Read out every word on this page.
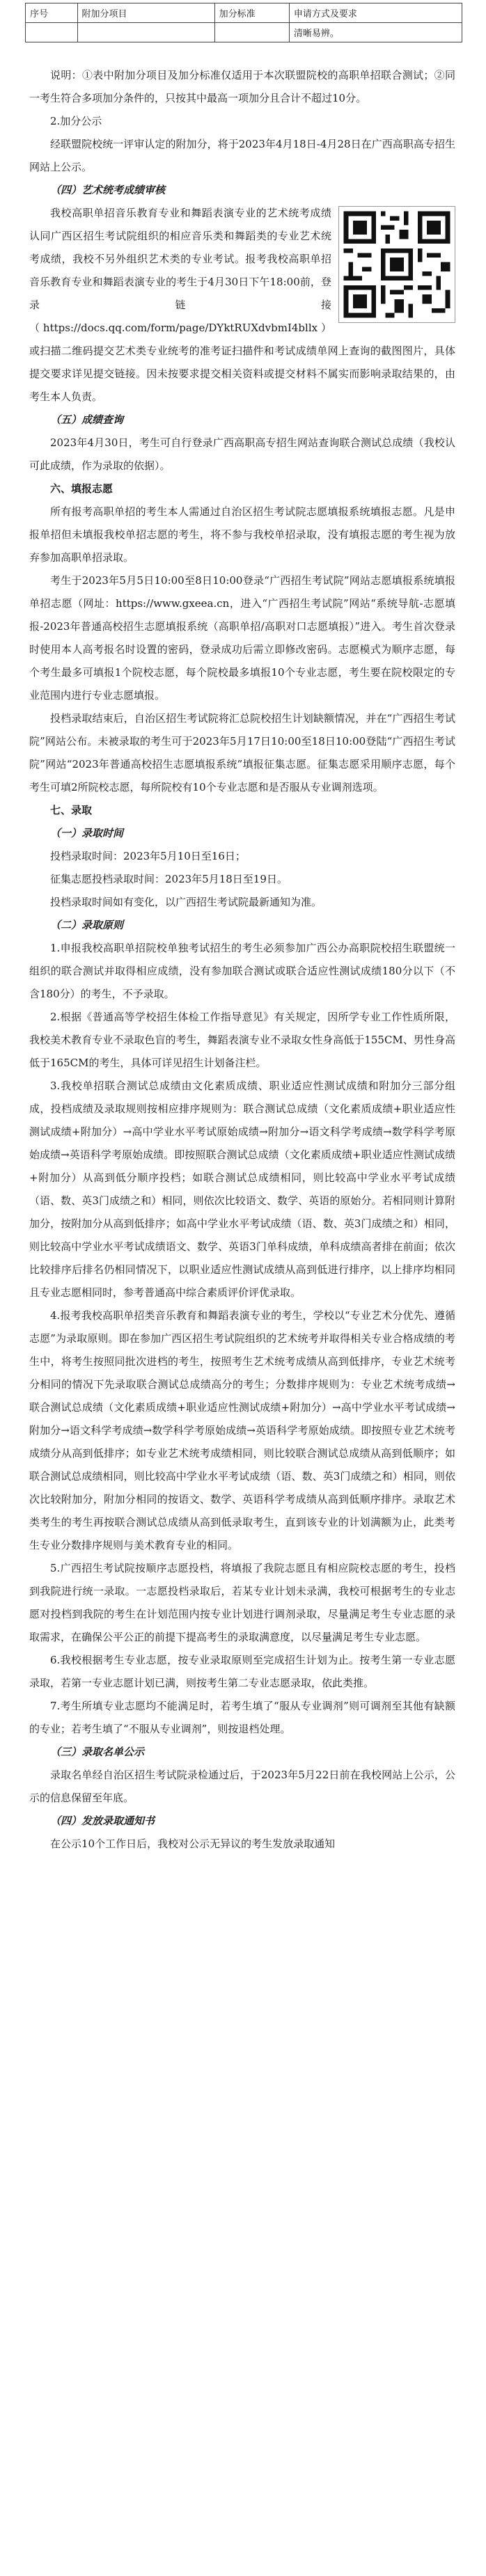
序号	附加分项目	加分标准	申请方式及要求
			清晰易辨。

说明：①表中附加分项目及加分标准仅适用于本次联盟院校的高职单招联合测试；②同一考生符合多项加分条件的，只按其中最高一项加分且合计不超过10分。

2.加分公示

经联盟院校统一评审认定的附加分，将于2023年4月18日-4月28日在广西高职高专招生网站上公示。

（四）艺术统考成绩审核

我校高职单招音乐教育专业和舞蹈表演专业的艺术统考成绩认同广西区招生考试院组织的相应音乐类和舞蹈类的专业艺术统考成绩，我校不另外组织艺术类的专业考试。报考我校高职单招音乐教育专业和舞蹈表演专业的考生于4月30日下午18:00前，登录链接（https://docs.qq.com/form/page/DYktRUXdvbmI4bllx）或扫描二维码提交艺术类专业统考的准考证扫描件和考试成绩单网上查询的截图图片，具体提交要求详见提交链接。因未按要求提交相关资料或提交材料不属实而影响录取结果的，由考生本人负责。

（五）成绩查询

2023年4月30日，考生可自行登录广西高职高专招生网站查询联合测试总成绩（我校认可此成绩，作为录取的依据）。

六、填报志愿

所有报考高职单招的考生本人需通过自治区招生考试院志愿填报系统填报志愿。凡是申报单招但未填报我校单招志愿的考生，将不参与我校单招录取，没有填报志愿的考生视为放弃参加高职单招录取。

考生于2023年5月5日10:00至8日10:00登录“广西招生考试院”网站志愿填报系统填报单招志愿（网址：https://www.gxeea.cn，进入“广西招生考试院”网站“系统导航-志愿填报-2023年普通高校招生志愿填报系统（高职单招/高职对口志愿填报）”进入。考生首次登录时使用本人高考报名时设置的密码，登录成功后需立即修改密码。志愿模式为顺序志愿，每个考生最多可填报1个院校志愿，每个院校最多填报10个专业志愿，考生要在院校限定的专业范围内进行专业志愿填报。

投档录取结束后，自治区招生考试院将汇总院校招生计划缺额情况，并在“广西招生考试院”网站公布。未被录取的考生可于2023年5月17日10:00至18日10:00登陆“广西招生考试院”网站“2023年普通高校招生志愿填报系统”填报征集志愿。征集志愿采用顺序志愿，每个考生可填2所院校志愿，每所院校有10个专业志愿和是否服从专业调剂选项。

七、录取

（一）录取时间

投档录取时间：2023年5月10日至16日；

征集志愿投档录取时间：2023年5月18日至19日。

投档录取时间如有变化，以广西招生考试院最新通知为准。

（二）录取原则

1.申报我校高职单招院校单独考试招生的考生必须参加广西公办高职院校招生联盟统一组织的联合测试并取得相应成绩，没有参加联合测试或联合适应性测试成绩180分以下（不含180分）的考生，不予录取。

2.根据《普通高等学校招生体检工作指导意见》有关规定，因所学专业工作性质所限，我校美术教育专业不录取色盲的考生，舞蹈表演专业不录取女性身高低于155CM、男性身高低于165CM的考生，具体可详见招生计划备注栏。

3.我校单招联合测试总成绩由文化素质成绩、职业适应性测试成绩和附加分三部分组成，投档成绩及录取规则按相应排序规则为：联合测试总成绩（文化素质成绩+职业适应性测试成绩+附加分）→高中学业水平考试原始成绩→附加分→语文科学考成绩→数学科学考原始成绩→英语科学考原始成绩。即按照联合测试总成绩（文化素质成绩+职业适应性测试成绩+附加分）从高到低分顺序投档；如联合测试总成绩相同，则比较高中学业水平考试成绩（语、数、英3门成绩之和）相同，则依次比较语文、数学、英语的原始分。若相同则计算附加分，按附加分从高到低排序；如高中学业水平考试成绩（语、数、英3门成绩之和）相同，则比较高中学业水平考试成绩语文、数学、英语3门单科成绩，单科成绩高者排在前面；依次比较排序后排名仍相同情况下，以职业适应性测试成绩从高到低进行排序，以上排序均相同且专业志愿相同时，参考普通高中综合素质评价评优录取。

4.报考我校高职单招类音乐教育和舞蹈表演专业的考生，学校以“专业艺术分优先、遵循志愿”为录取原则。即在参加广西区招生考试院组织的艺术统考并取得相关专业合格成绩的考生中，将考生按照同批次进档的考生，按照考生艺术统考成绩从高到低排序，专业艺术统考分相同的情况下先录取联合测试总成绩高分的考生；分数排序规则为：专业艺术统考成绩→联合测试总成绩（文化素质成绩+职业适应性测试成绩+附加分）→高中学业水平考试成绩→附加分→语文科学考成绩→数学科学考原始成绩→英语科学考原始成绩。即按照专业艺术统考成绩分从高到低排序；如专业艺术统考成绩相同，则比较联合测试总成绩从高到低顺序；如联合测试总成绩相同，则比较高中学业水平考试成绩（语、数、英3门成绩之和）相同，则依次比较附加分，附加分相同的按语文、数学、英语科学考成绩从高到低顺序排序。录取艺术类考生的考生再按联合测试总成绩从高到低录取考生，直到该专业的计划满额为止，此类考生专业分数排序规则与美术教育专业的相同。

5.广西招生考试院按顺序志愿投档，将填报了我院志愿且有相应院校志愿的考生，投档到我院进行统一录取。一志愿投档录取后，若某专业计划未录满，我校可根据考生的专业志愿对投档到我院的考生在计划范围内按专业计划进行调剂录取，尽量满足考生专业志愿的录取需求，在确保公平公正的前提下提高考生的录取满意度，以尽量满足考生专业志愿。

6.我校根据考生专业志愿，按专业录取原则至完成招生计划为止。按考生第一专业志愿录取，若第一专业志愿计划已满，则按考生第二专业志愿录取，依此类推。

7.考生所填专业志愿均不能满足时，若考生填了“服从专业调剂”则可调剂至其他有缺额的专业；若考生填了“不服从专业调剂”，则按退档处理。

（三）录取名单公示

录取名单经自治区招生考试院录检通过后，于2023年5月22日前在我校网站上公示，公示的信息保留至年底。

（四）发放录取通知书

在公示10个工作日后，我校对公示无异议的考生发放录取通知
